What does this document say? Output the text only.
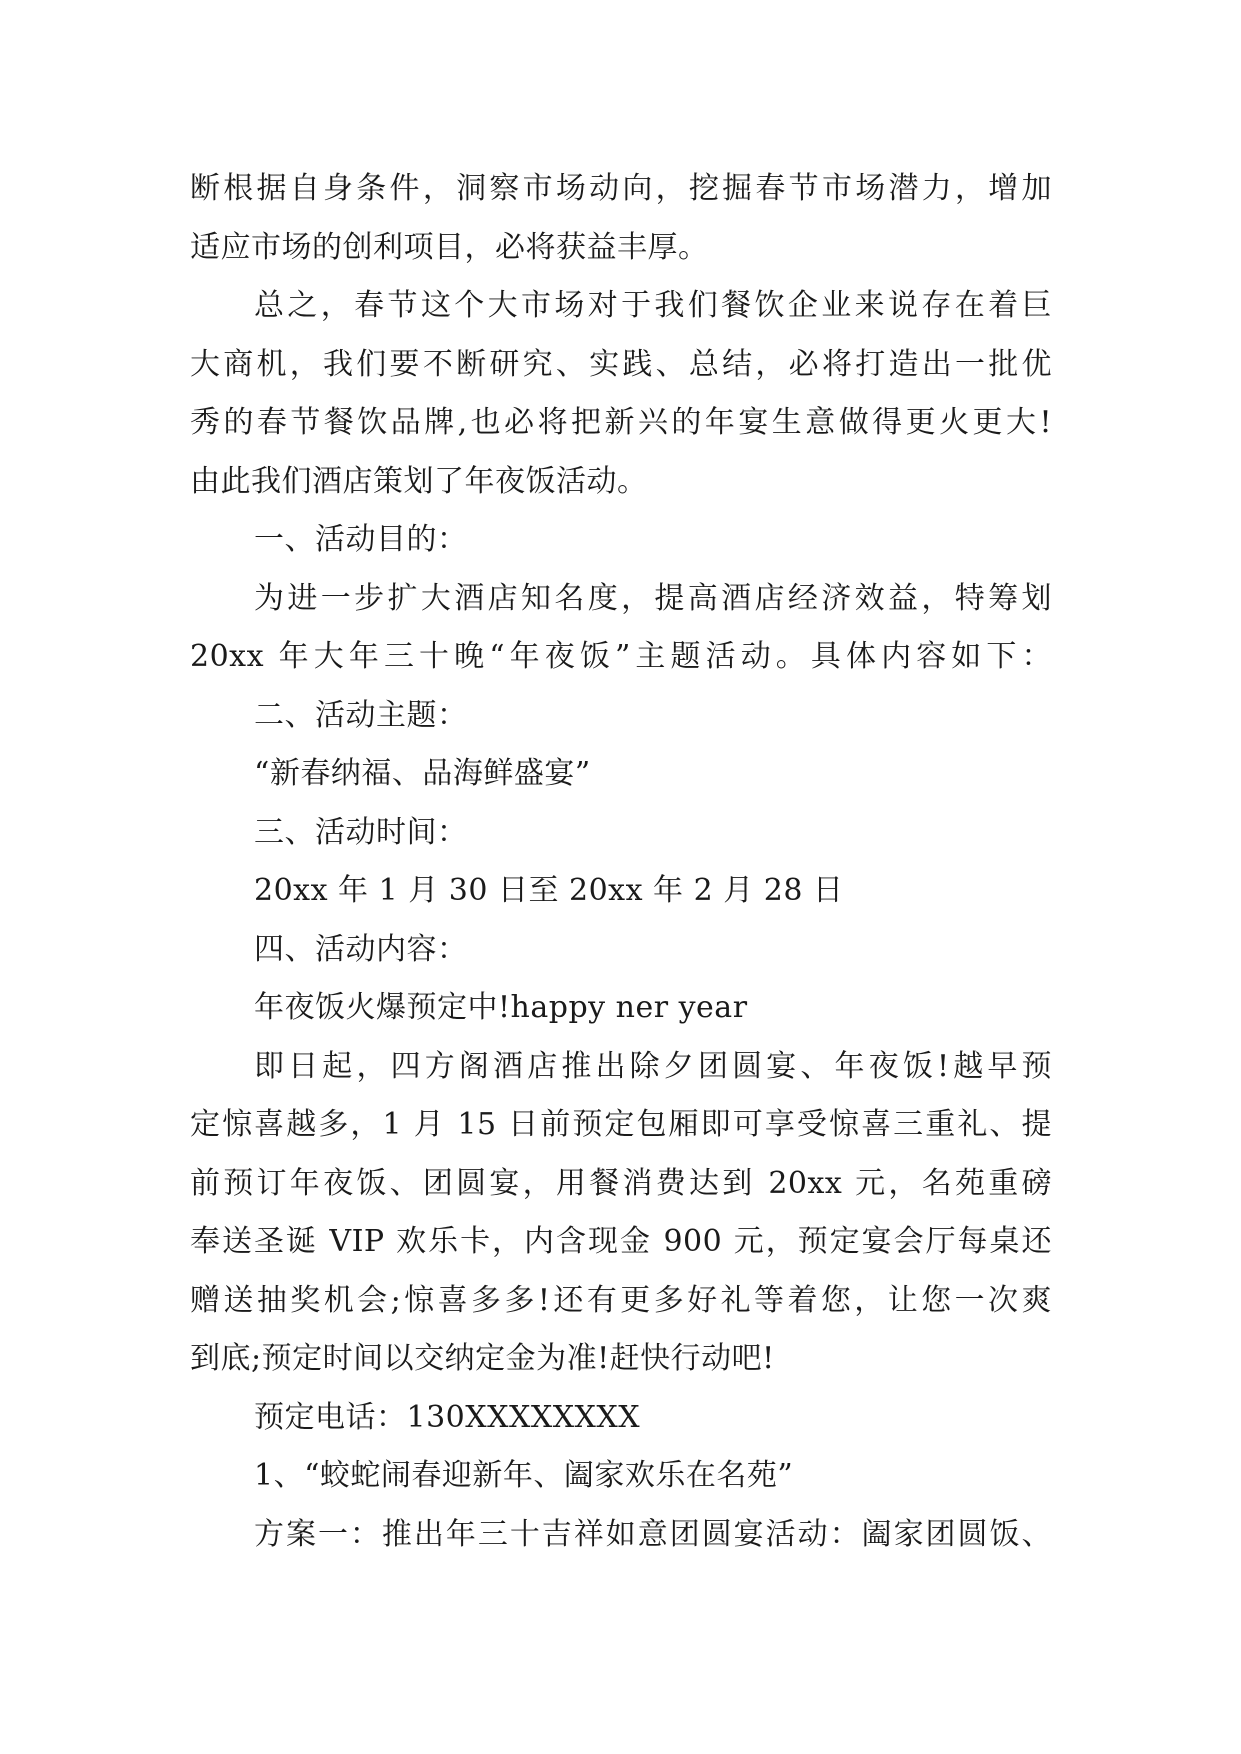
断根据自身条件，洞察市场动向，挖掘春节市场潜力，增加
适应市场的创利项目，必将获益丰厚。
总之，春节这个大市场对于我们餐饮企业来说存在着巨
大商机，我们要不断研究、实践、总结，必将打造出一批优
秀的春节餐饮品牌,也必将把新兴的年宴生意做得更火更大!
由此我们酒店策划了年夜饭活动。
一、活动目的：
为进一步扩大酒店知名度，提高酒店经济效益，特筹划
20xx 年大年三十晚“年夜饭”主题活动。具体内容如下：
二、活动主题：
“新春纳福、品海鲜盛宴”
三、活动时间：
20xx 年 1 月 30 日至 20xx 年 2 月 28 日
四、活动内容：
年夜饭火爆预定中!happy ner year
即日起，四方阁酒店推出除夕团圆宴、年夜饭!越早预
定惊喜越多，1 月 15 日前预定包厢即可享受惊喜三重礼、提
前预订年夜饭、团圆宴，用餐消费达到 20xx 元，名苑重磅
奉送圣诞 VIP 欢乐卡，内含现金 900 元，预定宴会厅每桌还
赠送抽奖机会;惊喜多多!还有更多好礼等着您，让您一次爽
到底;预定时间以交纳定金为准!赶快行动吧!
预定电话：130XXXXXXXX
1、“蛟蛇闹春迎新年、阖家欢乐在名苑”
方案一：推出年三十吉祥如意团圆宴活动：阖家团圆饭、
